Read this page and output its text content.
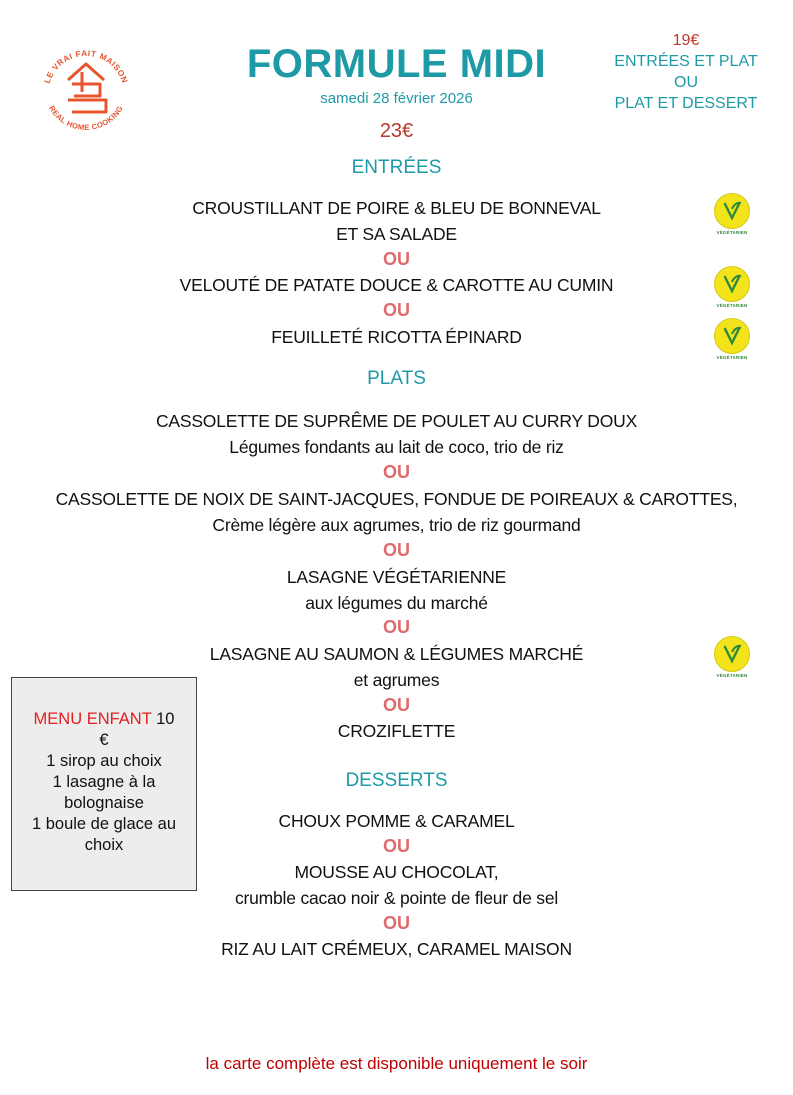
LE VRAI FAIT MAISON
REAL HOME COOKING
FORMULE MIDI
samedi 28 février 2026
23€
19€
ENTRÉES ET PLAT
OU
PLAT ET DESSERT
ENTRÉES
CROUSTILLANT DE POIRE & BLEU DE BONNEVAL
ET SA SALADE
OU
VELOUTÉ DE PATATE DOUCE & CAROTTE AU CUMIN
OU
FEUILLETÉ RICOTTA ÉPINARD
PLATS
CASSOLETTE DE SUPRÊME DE POULET AU CURRY DOUX
Légumes fondants au lait de coco, trio de riz
OU
CASSOLETTE DE NOIX DE SAINT-JACQUES, FONDUE DE POIREAUX & CAROTTES,
Crème légère aux agrumes, trio de riz gourmand
OU
LASAGNE VÉGÉTARIENNE
aux légumes du marché
OU
LASAGNE AU SAUMON & LÉGUMES MARCHÉ
et agrumes
OU
CROZIFLETTE
DESSERTS
CHOUX POMME & CARAMEL
OU
MOUSSE AU CHOCOLAT,
crumble cacao noir & pointe de fleur de sel
OU
RIZ AU LAIT CRÉMEUX, CARAMEL MAISON
VÉGÉTARIEN
VÉGÉTARIEN
VÉGÉTARIEN
VÉGÉTARIEN
MENU ENFANT 10
€
1 sirop au choix
1 lasagne à la
bolognaise
1 boule de glace au
choix
la carte complète est disponible uniquement le soir
